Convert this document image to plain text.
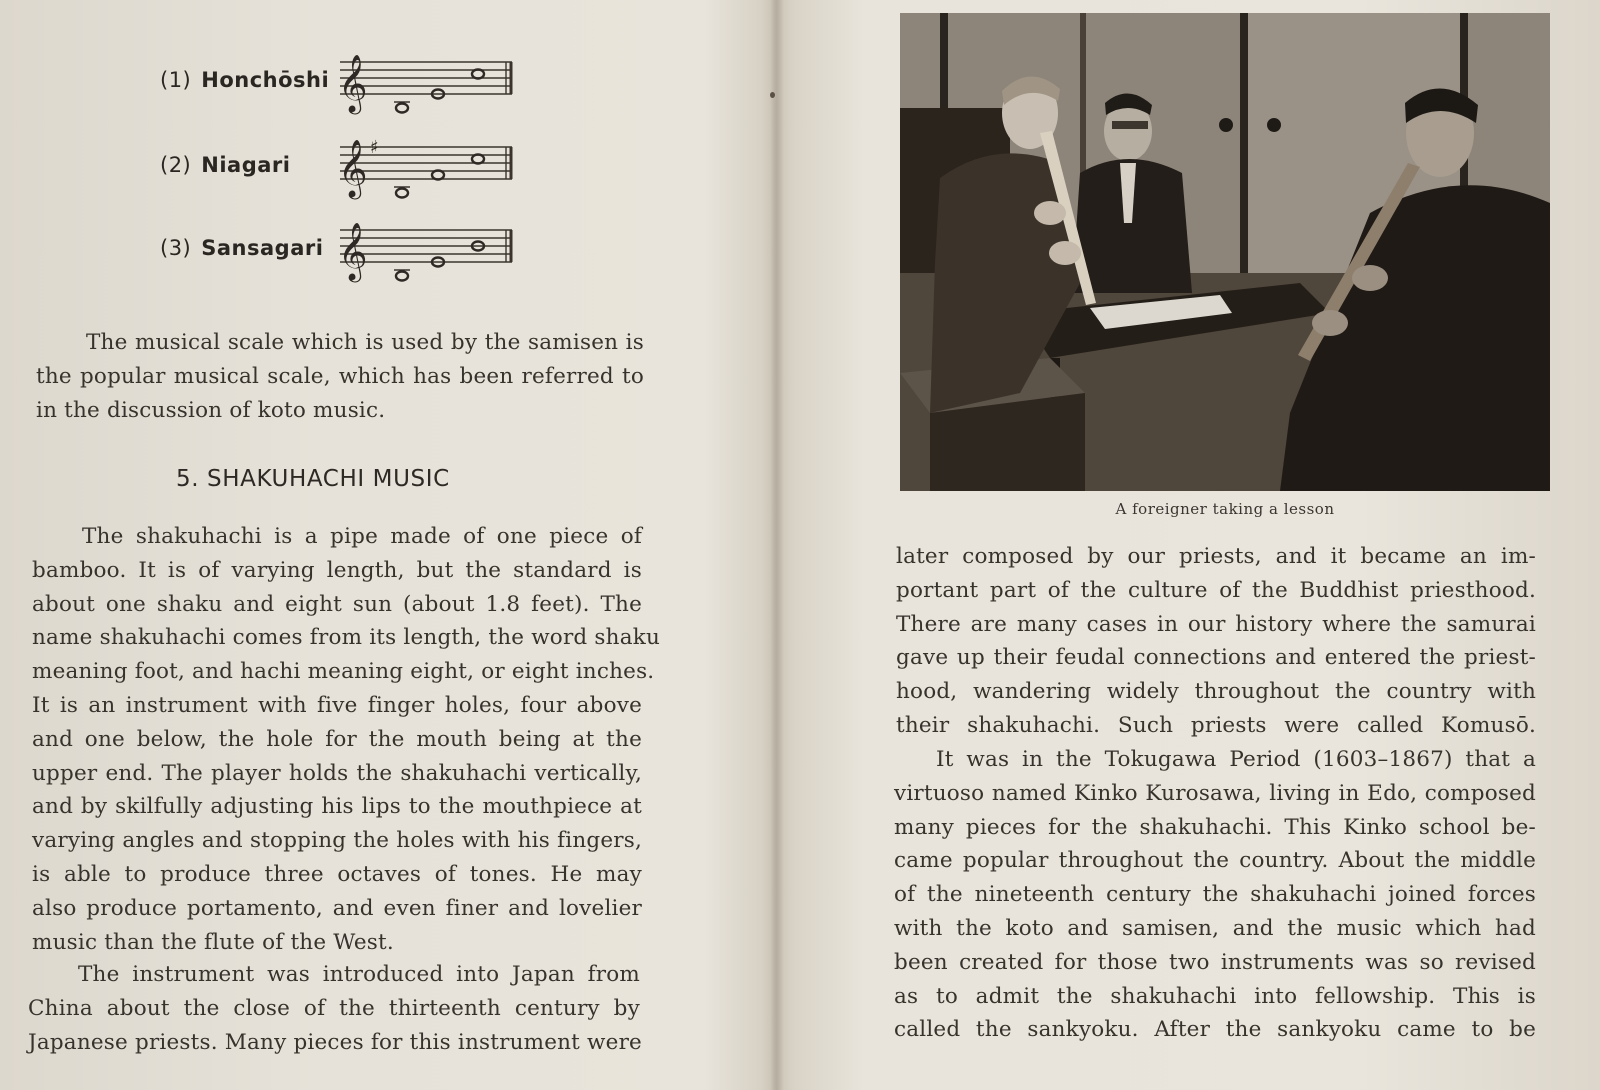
(1) Honchōshi 𝄞
(2) Niagari 𝄞 ♯
(3) Sansagari 𝄞
The musical scale which is used by the samisen is
the popular musical scale, which has been referred to
in the discussion of koto music.
5. SHAKUHACHI MUSIC
The shakuhachi is a pipe made of one piece of
bamboo. It is of varying length, but the standard is
about one shaku and eight sun (about 1.8 feet). The
name shakuhachi comes from its length, the word shaku
meaning foot, and hachi meaning eight, or eight inches.
It is an instrument with five finger holes, four above
and one below, the hole for the mouth being at the
upper end. The player holds the shakuhachi vertically,
and by skilfully adjusting his lips to the mouthpiece at
varying angles and stopping the holes with his fingers,
is able to produce three octaves of tones. He may
also produce portamento, and even finer and lovelier
music than the flute of the West.
The instrument was introduced into Japan from
China about the close of the thirteenth century by
Japanese priests. Many pieces for this instrument were
A foreigner taking a lesson
later composed by our priests, and it became an im-
portant part of the culture of the Buddhist priesthood.
There are many cases in our history where the samurai
gave up their feudal connections and entered the priest-
hood, wandering widely throughout the country with
their shakuhachi. Such priests were called Komusō.
It was in the Tokugawa Period (1603–1867) that a
virtuoso named Kinko Kurosawa, living in Edo, composed
many pieces for the shakuhachi. This Kinko school be-
came popular throughout the country. About the middle
of the nineteenth century the shakuhachi joined forces
with the koto and samisen, and the music which had
been created for those two instruments was so revised
as to admit the shakuhachi into fellowship. This is
called the sankyoku. After the sankyoku came to be
